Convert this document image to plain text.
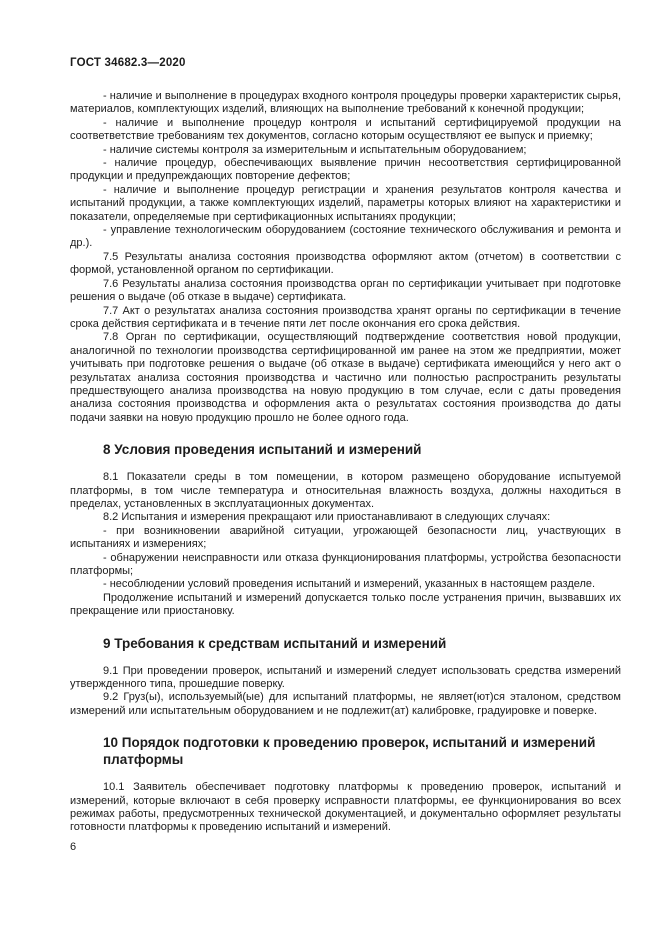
ГОСТ 34682.3—2020

- наличие и выполнение в процедурах входного контроля процедуры проверки характеристик сырья, материалов, комплектующих изделий, влияющих на выполнение требований к конечной продукции;

- наличие и выполнение процедур контроля и испытаний сертифицируемой продукции на соответветствие требованиям тех документов, согласно которым осуществляют ее выпуск и приемку;

- наличие системы контроля за измерительным и испытательным оборудованием;

- наличие процедур, обеспечивающих выявление причин несоответствия сертифицированной продукции и предупреждающих повторение дефектов;

- наличие и выполнение процедур регистрации и хранения результатов контроля качества и испытаний продукции, а также комплектующих изделий, параметры которых влияют на характеристики и показатели, определяемые при сертификационных испытаниях продукции;

- управление технологическим оборудованием (состояние технического обслуживания и ремонта и др.).

7.5 Результаты анализа состояния производства оформляют актом (отчетом) в соответствии с формой, установленной органом по сертификации.

7.6 Результаты анализа состояния производства орган по сертификации учитывает при подготовке решения о выдаче (об отказе в выдаче) сертификата.

7.7 Акт о результатах анализа состояния производства хранят органы по сертификации в течение срока действия сертификата и в течение пяти лет после окончания его срока действия.

7.8 Орган по сертификации, осуществляющий подтверждение соответствия новой продукции, аналогичной по технологии производства сертифицированной им ранее на этом же предприятии, может учитывать при подготовке решения о выдаче (об отказе в выдаче) сертификата имеющийся у него акт о результатах анализа состояния производства и частично или полностью распространить результаты предшествующего анализа производства на новую продукцию в том случае, если с даты проведения анализа состояния производства и оформления акта о результатах состояния производства до даты подачи заявки на новую продукцию прошло не более одного года.

8 Условия проведения испытаний и измерений

8.1 Показатели среды в том помещении, в котором размещено оборудование испытуемой платформы, в том числе температура и относительная влажность воздуха, должны находиться в пределах, установленных в эксплуатационных документах.

8.2 Испытания и измерения прекращают или приостанавливают в следующих случаях:

- при возникновении аварийной ситуации, угрожающей безопасности лиц, участвующих в испытаниях и измерениях;

- обнаружении неисправности или отказа функционирования платформы, устройства безопасности платформы;

- несоблюдении условий проведения испытаний и измерений, указанных в настоящем разделе.

Продолжение испытаний и измерений допускается только после устранения причин, вызвавших их прекращение или приостановку.

9 Требования к средствам испытаний и измерений

9.1 При проведении проверок, испытаний и измерений следует использовать средства измерений утвержденного типа, прошедшие поверку.

9.2 Груз(ы), используемый(ые) для испытаний платформы, не являет(ют)ся эталоном, средством измерений или испытательным оборудованием и не подлежит(ат) калибровке, градуировке и поверке.

10 Порядок подготовки к проведению проверок, испытаний и измерений платформы

10.1 Заявитель обеспечивает подготовку платформы к проведению проверок, испытаний и измерений, которые включают в себя проверку исправности платформы, ее функционирования во всех режимах работы, предусмотренных технической документацией, и документально оформляет результаты готовности платформы к проведению испытаний и измерений.

6
